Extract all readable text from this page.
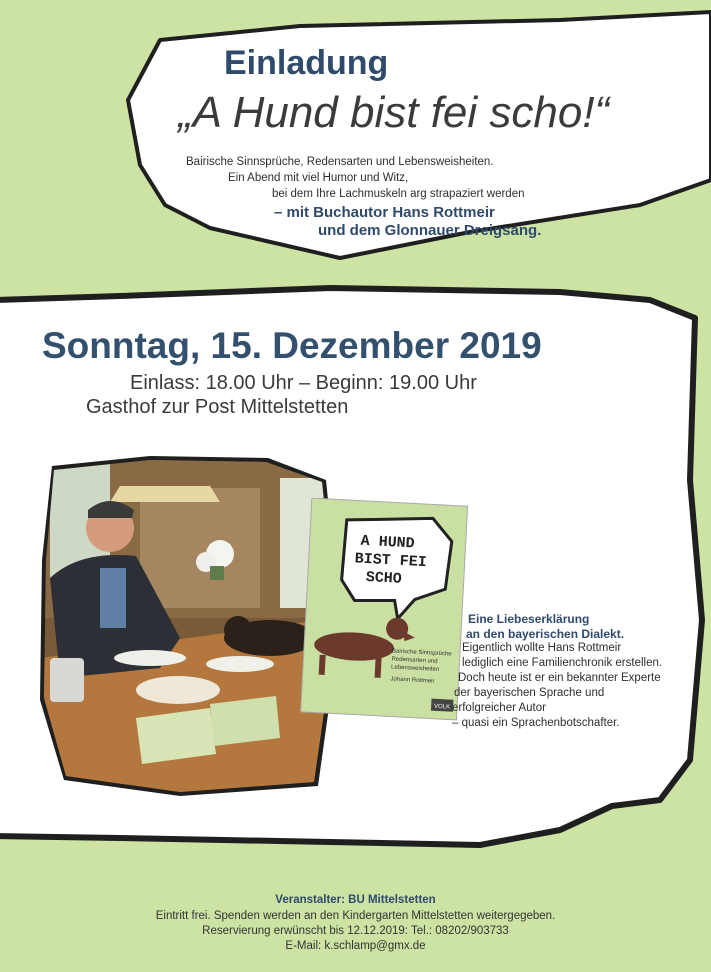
Einladung
„A Hund bist fei scho!“
Bairische Sinnsprüche, Redensarten und Lebensweisheiten.
Ein Abend mit viel Humor und Witz,
bei dem Ihre Lachmuskeln arg strapaziert werden
– mit Buchautor Hans Rottmeir
und dem Glonnauer Dreigsang.
Sonntag, 15. Dezember 2019
Einlass: 18.00 Uhr – Beginn: 19.00 Uhr
Gasthof zur Post Mittelstetten
A HUND
BIST FEI
SCHO
Bairische Sinnsprüche
Redensarten und
Lebensweisheiten
Johann Rottmeir
VOLK
Eine Liebeserklärung
an den bayerischen Dialekt.
Eigentlich wollte Hans Rottmeir
lediglich eine Familienchronik erstellen.
Doch heute ist er ein bekannter Experte
der bayerischen Sprache und
erfolgreicher Autor
– quasi ein Sprachenbotschafter.
Veranstalter: BU Mittelstetten
Eintritt frei. Spenden werden an den Kindergarten Mittelstetten weitergegeben.
Reservierung erwünscht bis 12.12.2019: Tel.: 08202/903733
E-Mail: k.schlamp@gmx.de
